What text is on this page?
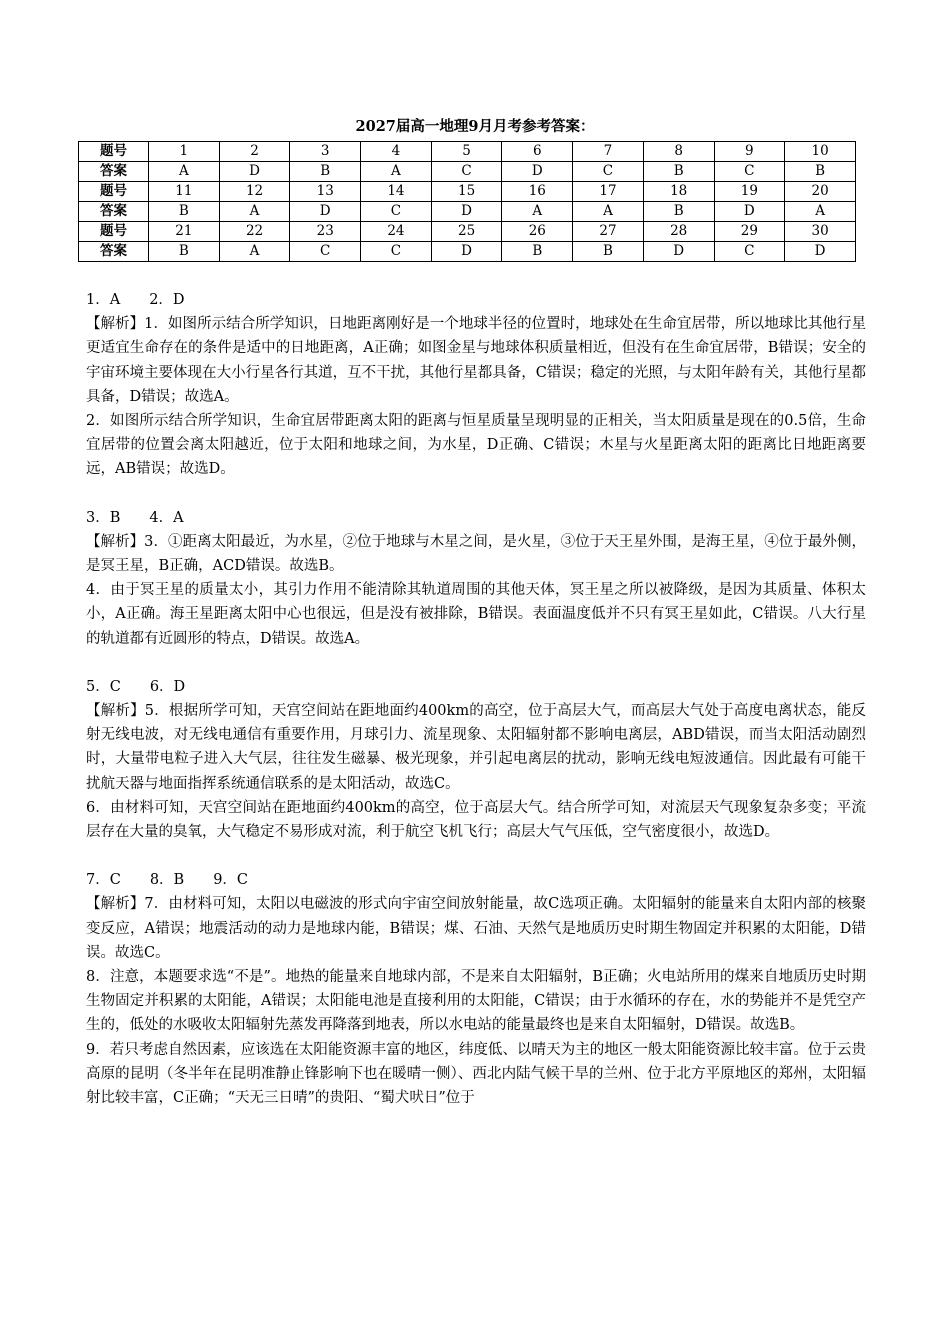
2027届高一地理9月月考参考答案：
题号	1	2	3	4	5	6	7	8	9	10
答案	A	D	B	A	C	D	C	B	C	B
题号	11	12	13	14	15	16	17	18	19	20
答案	B	A	D	C	D	A	A	B	D	A
题号	21	22	23	24	25	26	27	28	29	30
答案	B	A	C	C	D	B	B	D	C	D

1．A　　2．D

【解析】1．如图所示结合所学知识，日地距离刚好是一个地球半径的位置时，地球处在生命宜居带，所以地球比其他行星更适宜生命存在的条件是适中的日地距离，A正确；如图金星与地球体积质量相近，但没有在生命宜居带，B错误；安全的宇宙环境主要体现在大小行星各行其道，互不干扰，其他行星都具备，C错误；稳定的光照，与太阳年龄有关，其他行星都具备，D错误；故选A。

2．如图所示结合所学知识，生命宜居带距离太阳的距离与恒星质量呈现明显的正相关，当太阳质量是现在的0.5倍，生命宜居带的位置会离太阳越近，位于太阳和地球之间，为水星，D正确、C错误；木星与火星距离太阳的距离比日地距离要远，AB错误；故选D。

3．B　　4．A

【解析】3．①距离太阳最近，为水星，②位于地球与木星之间，是火星，③位于天王星外围，是海王星，④位于最外侧，是冥王星，B正确，ACD错误。故选B。

4．由于冥王星的质量太小，其引力作用不能清除其轨道周围的其他天体，冥王星之所以被降级，是因为其质量、体积太小，A正确。海王星距离太阳中心也很远，但是没有被排除，B错误。表面温度低并不只有冥王星如此，C错误。八大行星的轨道都有近圆形的特点，D错误。故选A。

5．C　　6．D

【解析】5．根据所学可知，天宫空间站在距地面约400km的高空，位于高层大气，而高层大气处于高度电离状态，能反射无线电波，对无线电通信有重要作用，月球引力、流星现象、太阳辐射都不影响电离层，ABD错误，而当太阳活动剧烈时，大量带电粒子进入大气层，往往发生磁暴、极光现象，并引起电离层的扰动，影响无线电短波通信。因此最有可能干扰航天器与地面指挥系统通信联系的是太阳活动，故选C。

6．由材料可知，天宫空间站在距地面约400km的高空，位于高层大气。结合所学可知，对流层天气现象复杂多变；平流层存在大量的臭氧，大气稳定不易形成对流，利于航空飞机飞行；高层大气气压低，空气密度很小，故选D。

7．C　　8．B　　9．C

【解析】7．由材料可知，太阳以电磁波的形式向宇宙空间放射能量，故C选项正确。太阳辐射的能量来自太阳内部的核聚变反应，A错误；地震活动的动力是地球内能，B错误；煤、石油、天然气是地质历史时期生物固定并积累的太阳能，D错误。故选C。

8．注意，本题要求选“不是”。地热的能量来自地球内部，不是来自太阳辐射，B正确；火电站所用的煤来自地质历史时期生物固定并积累的太阳能，A错误；太阳能电池是直接利用的太阳能，C错误；由于水循环的存在，水的势能并不是凭空产生的，低处的水吸收太阳辐射先蒸发再降落到地表，所以水电站的能量最终也是来自太阳辐射，D错误。故选B。

9．若只考虑自然因素，应该选在太阳能资源丰富的地区，纬度低、以晴天为主的地区一般太阳能资源比较丰富。位于云贵高原的昆明（冬半年在昆明准静止锋影响下也在暖晴一侧）、西北内陆气候干旱的兰州、位于北方平原地区的郑州，太阳辐射比较丰富，C正确；“天无三日晴”的贵阳、“蜀犬吠日”位于
